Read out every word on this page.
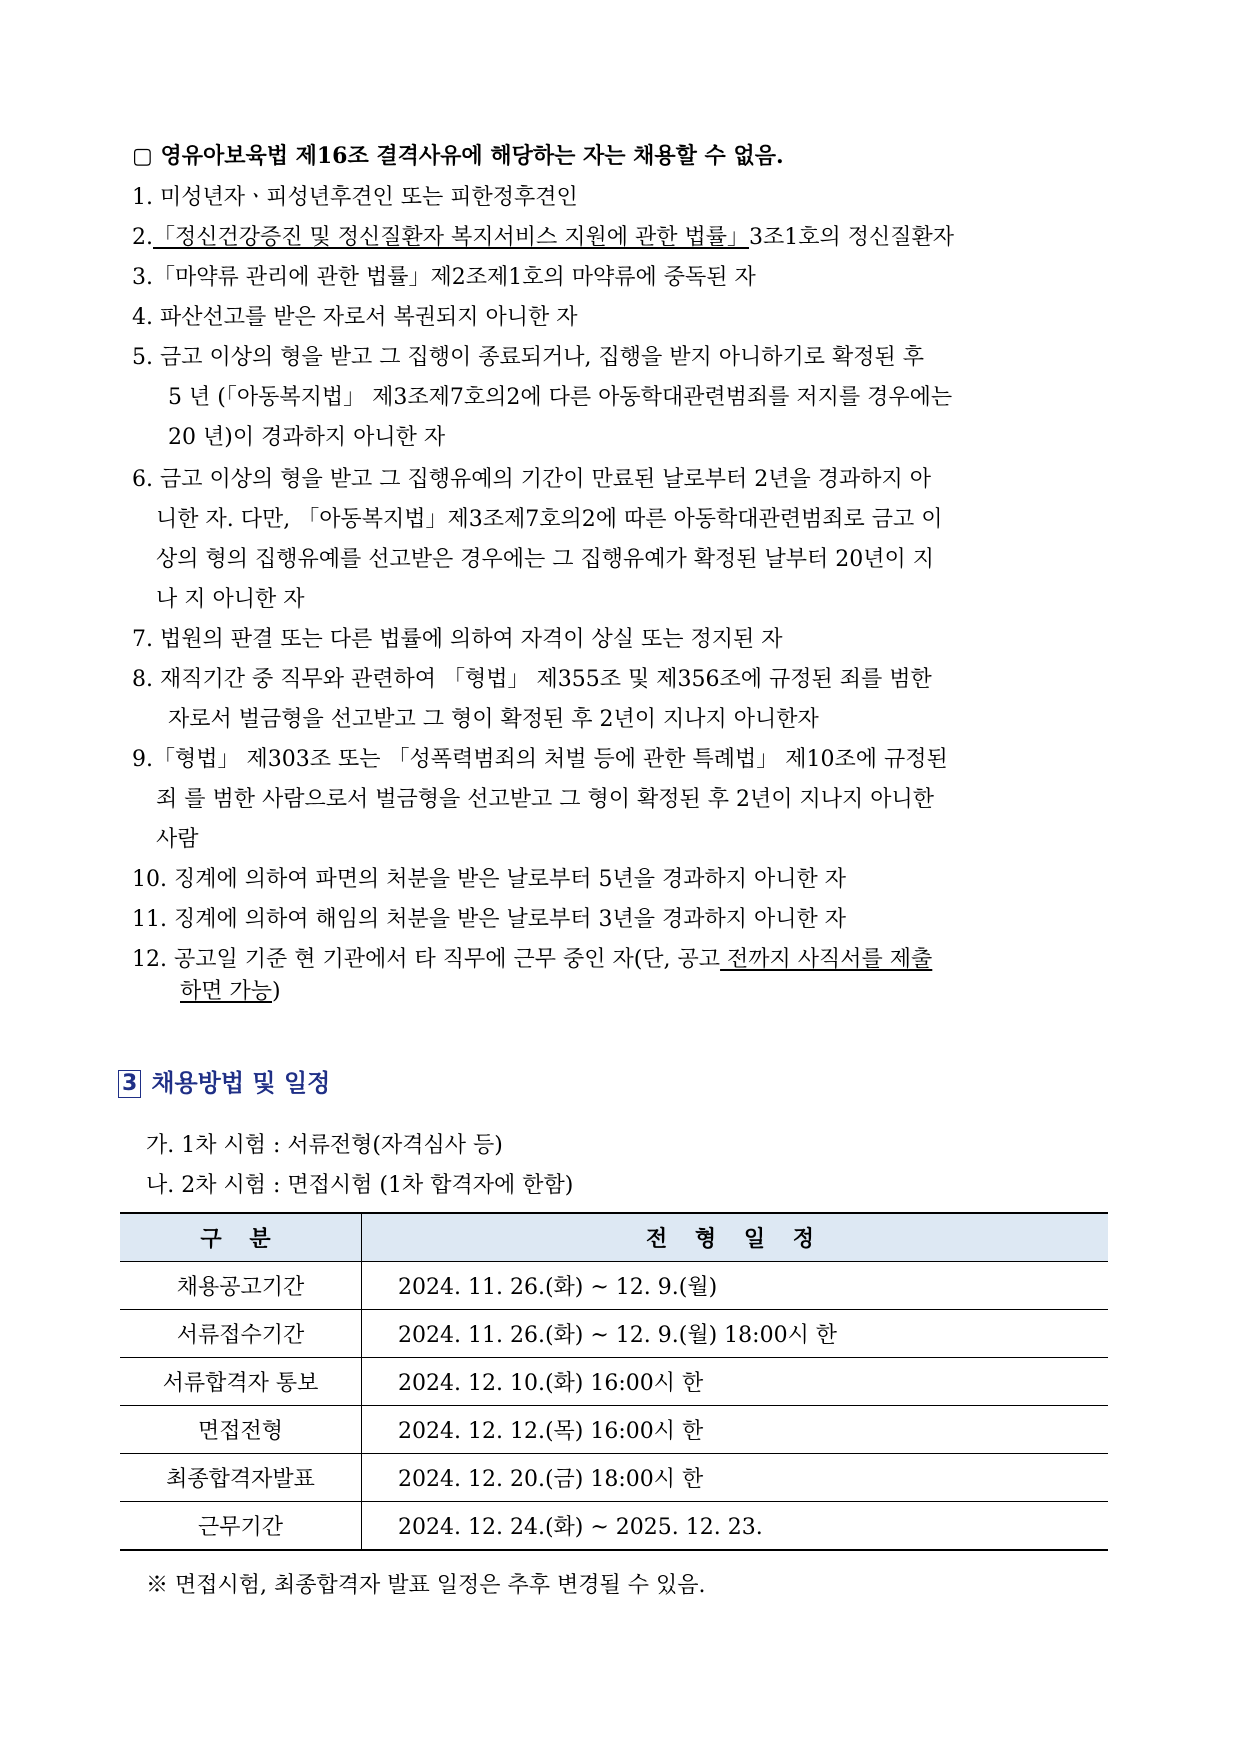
▢ 영유아보육법 제16조 결격사유에 해당하는 자는 채용할 수 없음.
1. 미성년자ㆍ피성년후견인 또는 피한정후견인
2.「정신건강증진 및 정신질환자 복지서비스 지원에 관한 법률」3조1호의 정신질환자
3.「마약류 관리에 관한 법률」제2조제1호의 마약류에 중독된 자
4. 파산선고를 받은 자로서 복권되지 아니한 자
5. 금고 이상의 형을 받고 그 집행이 종료되거나, 집행을 받지 아니하기로 확정된 후
5 년 (「아동복지법」 제3조제7호의2에 다른 아동학대관련범죄를 저지를 경우에는
20 년)이 경과하지 아니한 자
6. 금고 이상의 형을 받고 그 집행유예의 기간이 만료된 날로부터 2년을 경과하지 아
니한 자. 다만, 「아동복지법」제3조제7호의2에 따른 아동학대관련범죄로 금고 이
상의 형의 집행유예를 선고받은 경우에는 그 집행유예가 확정된 날부터 20년이 지
나 지 아니한 자
7. 법원의 판결 또는 다른 법률에 의하여 자격이 상실 또는 정지된 자
8. 재직기간 중 직무와 관련하여 「형법」 제355조 및 제356조에 규정된 죄를 범한
자로서 벌금형을 선고받고 그 형이 확정된 후 2년이 지나지 아니한자
9.「형법」 제303조 또는 「성폭력범죄의 처벌 등에 관한 특례법」 제10조에 규정된
죄 를 범한 사람으로서 벌금형을 선고받고 그 형이 확정된 후 2년이 지나지 아니한
사람
10. 징계에 의하여 파면의 처분을 받은 날로부터 5년을 경과하지 아니한 자
11. 징계에 의하여 해임의 처분을 받은 날로부터 3년을 경과하지 아니한 자
12. 공고일 기준 현 기관에서 타 직무에 근무 중인 자(단, 공고 전까지 사직서를 제출
하면 가능)
3 채용방법 및 일정
가. 1차 시험 : 서류전형(자격심사 등)
나. 2차 시험 : 면접시험 (1차 합격자에 한함)
구 분	전 형 일 정
채용공고기간	2024. 11. 26.(화) ~ 12. 9.(월)
서류접수기간	2024. 11. 26.(화) ~ 12. 9.(월) 18:00시 한
서류합격자 통보	2024. 12. 10.(화) 16:00시 한
면접전형	2024. 12. 12.(목) 16:00시 한
최종합격자발표	2024. 12. 20.(금) 18:00시 한
근무기간	2024. 12. 24.(화) ~ 2025. 12. 23.
※ 면접시험, 최종합격자 발표 일정은 추후 변경될 수 있음.
